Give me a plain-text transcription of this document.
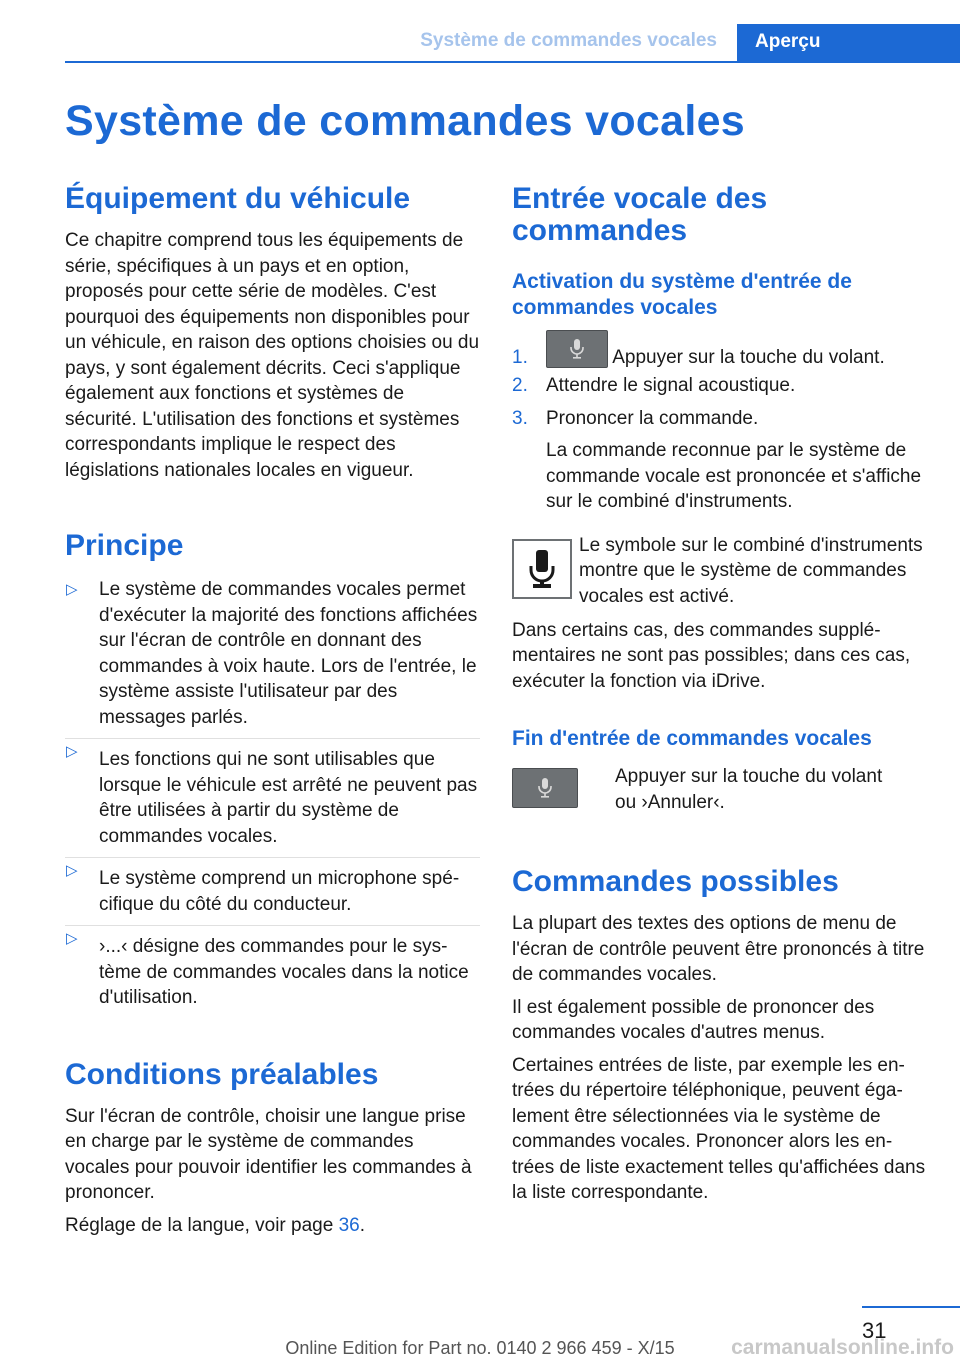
Système de commandes vocales Aperçu
Système de commandes vocales
Équipement du véhicule

Ce chapitre comprend tous les équipements de série, spécifiques à un pays et en option, proposés pour cette série de modèles. C'est pourquoi des équipements non disponibles pour un véhicule, en raison des options choisies ou du pays, y sont également décrits. Ceci s'applique également aux fonctions et systèmes de sécurité. L'utilisation des fonctions et systèmes correspondants implique le respect des législations nationales locales en vigueur.

Principe
▷ Le système de commandes vocales permet d'exécuter la majorité des fonctions affichées sur l'écran de contrôle en donnant des commandes à voix haute. Lors de l'entrée, le système assiste l'utilisateur par des messages parlés.
▷ Les fonctions qui ne sont utilisables que lorsque le véhicule est arrêté ne peuvent pas être utilisées à partir du système de commandes vocales.
▷ Le système comprend un microphone spécifique du côté du conducteur.
▷ ›...‹ désigne des commandes pour le système de commandes vocales dans la notice d'utilisation.
Conditions préalables

Sur l'écran de contrôle, choisir une langue prise en charge par le système de commandes vocales pour pouvoir identifier les commandes à prononcer.

Réglage de la langue, voir page 36.

Entrée vocale des commandes
Activation du système d'entrée de commandes vocales
1.	Appuyer sur la touche du volant.
2. Attendre le signal acoustique.
3. Prononcer la commande.

La commande reconnue par le système de commande vocale est prononcée et s'affiche sur le combiné d'instruments.

Le symbole sur le combiné d'instruments montre que le système de commandes vocales est activé.

Dans certains cas, des commandes supplémentaires ne sont pas possibles; dans ces cas, exécuter la fonction via iDrive.

Fin d'entrée de commandes vocales

Appuyer sur la touche du volant
ou ›Annuler‹.

Commandes possibles

La plupart des textes des options de menu de l'écran de contrôle peuvent être prononcés à titre de commandes vocales.

Il est également possible de prononcer des commandes vocales d'autres menus.

Certaines entrées de liste, par exemple les entrées du répertoire téléphonique, peuvent également être sélectionnées via le système de commandes vocales. Prononcer alors les entrées de liste exactement telles qu'affichées dans la liste correspondante.

31
Online Edition for Part no. 0140 2 966 459 - X/15	carmanualsonline.info
